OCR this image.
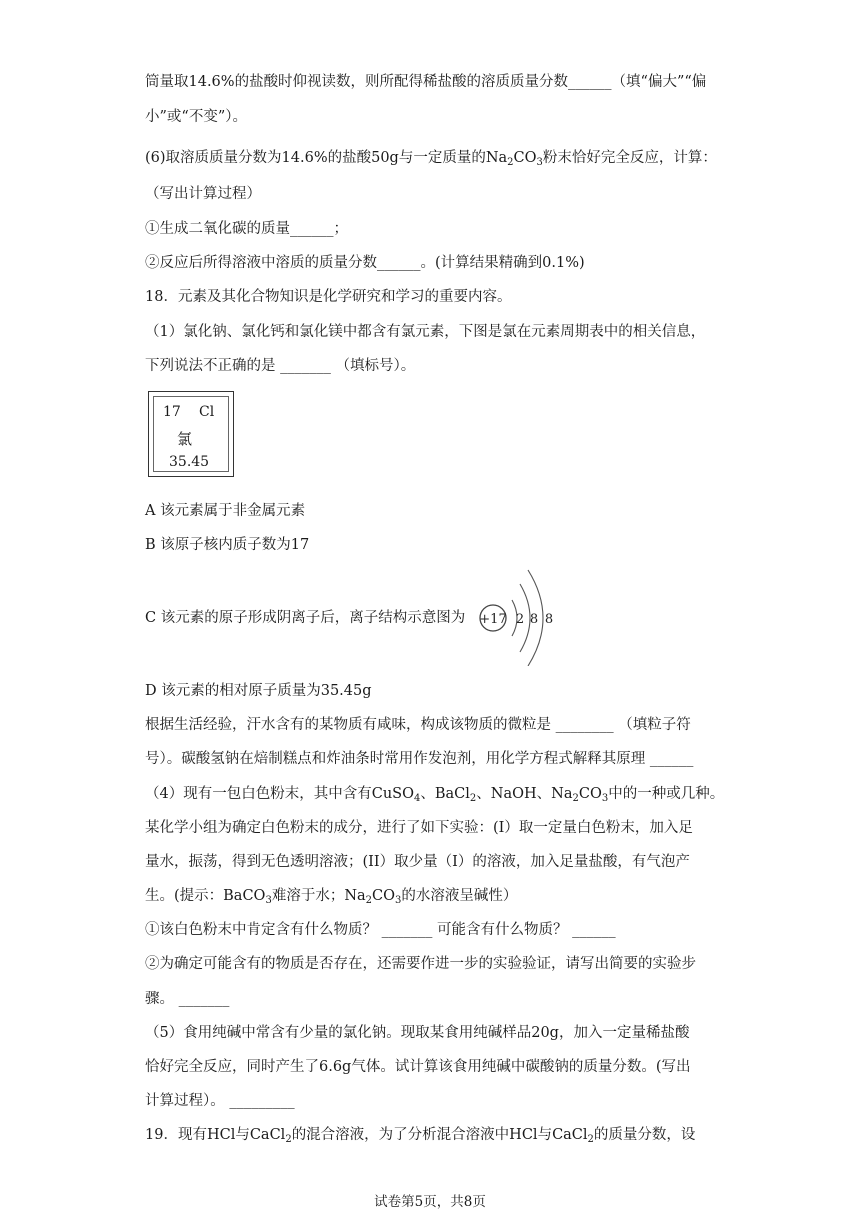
筒量取14.6%的盐酸时仰视读数，则所配得稀盐酸的溶质质量分数______（填“偏大”“偏
小”或“不变”）。
(6)取溶质质量分数为14.6%的盐酸50g与一定质量的$Na_2CO_3$粉末恰好完全反应，计算：
（写出计算过程）
①生成二氧化碳的质量______；
②反应后所得溶液中溶质的质量分数______。(计算结果精确到0.1%)
18．元素及其化合物知识是化学研究和学习的重要内容。
（1）氯化钠、氯化钙和氯化镁中都含有氯元素，下图是氯在元素周期表中的相关信息，
下列说法不正确的是 _______ （填标号）。
17 Cl
氯
35.45
A 该元素属于非金属元素
B 该原子核内质子数为17
C 该元素的原子形成阴离子后，离子结构示意图为	+17 2 8 8
D 该元素的相对原子质量为35.45g
根据生活经验，汗水含有的某物质有咸味，构成该物质的微粒是 ________ （填粒子符
号）。碳酸氢钠在焙制糕点和炸油条时常用作发泡剂，用化学方程式解释其原理 ______
（4）现有一包白色粉末，其中含有CuSO$_4$、BaCl$_2$、NaOH、$Na_2CO_3$中的一种或几种。
某化学小组为确定白色粉末的成分，进行了如下实验：(I）取一定量白色粉末，加入足
量水，振荡，得到无色透明溶液；(II）取少量（I）的溶液，加入足量盐酸，有气泡产
生。(提示：BaCO$_3$难溶于水；$Na_2CO_3$的水溶液呈碱性）
①该白色粉末中肯定含有什么物质？ _______ 可能含有什么物质？ ______
②为确定可能含有的物质是否存在，还需要作进一步的实验验证，请写出简要的实验步
骤。 _______
（5）食用纯碱中常含有少量的氯化钠。现取某食用纯碱样品20g，加入一定量稀盐酸
恰好完全反应，同时产生了6.6g气体。试计算该食用纯碱中碳酸钠的质量分数。(写出
计算过程）。 _________
19．现有HCl与CaCl$_2$的混合溶液，为了分析混合溶液中HCl与CaCl$_2$的质量分数，设
试卷第5页，共8页
